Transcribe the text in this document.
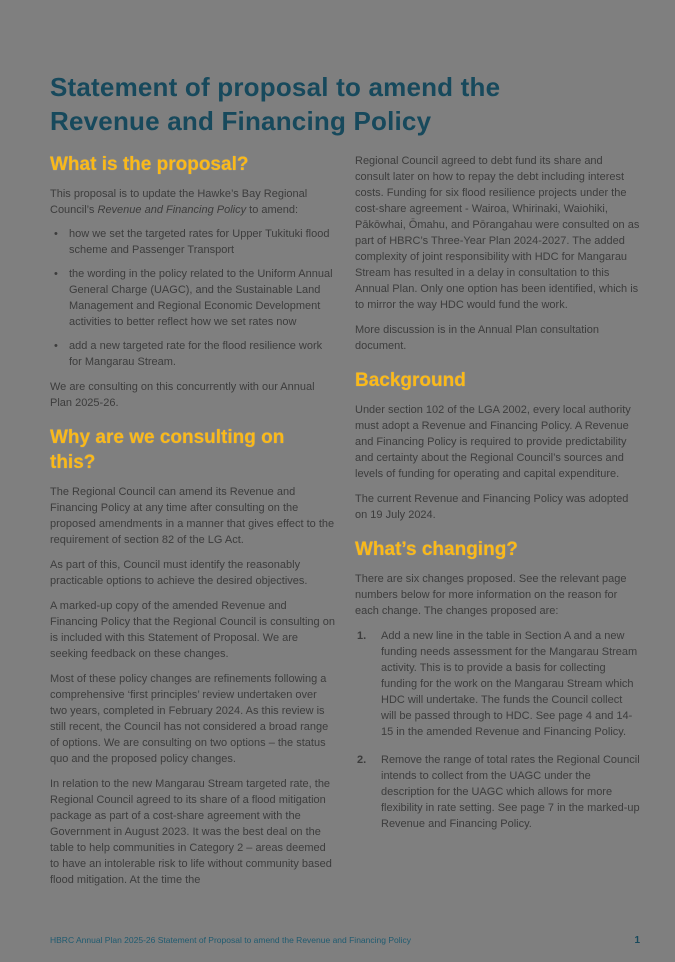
Statement of proposal to amend the
Revenue and Financing Policy
What is the proposal?

This proposal is to update the Hawke’s Bay Regional Council’s Revenue and Financing Policy to amend:

• how we set the targeted rates for Upper Tukituki flood scheme and Passenger Transport
• the wording in the policy related to the Uniform Annual General Charge (UAGC), and the Sustainable Land Management and Regional Economic Development activities to better reflect how we set rates now
• add a new targeted rate for the flood resilience work for Mangarau Stream.

We are consulting on this concurrently with our Annual Plan 2025-26.

Why are we consulting on this?

The Regional Council can amend its Revenue and Financing Policy at any time after consulting on the proposed amendments in a manner that gives effect to the requirement of section 82 of the LG Act.

As part of this, Council must identify the reasonably practicable options to achieve the desired objectives.

A marked-up copy of the amended Revenue and Financing Policy that the Regional Council is consulting on is included with this Statement of Proposal. We are seeking feedback on these changes.

Most of these policy changes are refinements following a comprehensive ‘first principles’ review undertaken over two years, completed in February 2024. As this review is still recent, the Council has not considered a broad range of options. We are consulting on two options – the status quo and the proposed policy changes.

In relation to the new Mangarau Stream targeted rate, the Regional Council agreed to its share of a flood mitigation package as part of a cost-share agreement with the Government in August 2023. It was the best deal on the table to help communities in Category 2 – areas deemed to have an intolerable risk to life without community based flood mitigation. At the time the

Regional Council agreed to debt fund its share and consult later on how to repay the debt including interest costs. Funding for six flood resilience projects under the cost-share agreement - Wairoa, Whirinaki, Waiohiki, Pākōwhai, Ōmahu, and Pōrangahau were consulted on as part of HBRC’s Three-Year Plan 2024-2027. The added complexity of joint responsibility with HDC for Mangarau Stream has resulted in a delay in consultation to this Annual Plan. Only one option has been identified, which is to mirror the way HDC would fund the work.

More discussion is in the Annual Plan consultation document.

Background

Under section 102 of the LGA 2002, every local authority must adopt a Revenue and Financing Policy. A Revenue and Financing Policy is required to provide predictability and certainty about the Regional Council’s sources and levels of funding for operating and capital expenditure.

The current Revenue and Financing Policy was adopted on 19 July 2024.

What’s changing?

There are six changes proposed. See the relevant page numbers below for more information on the reason for each change. The changes proposed are:

1. Add a new line in the table in Section A and a new funding needs assessment for the Mangarau Stream activity. This is to provide a basis for collecting funding for the work on the Mangarau Stream which HDC will undertake. The funds the Council collect will be passed through to HDC. See page 4 and 14-15 in the amended Revenue and Financing Policy.
2. Remove the range of total rates the Regional Council intends to collect from the UAGC under the description for the UAGC which allows for more flexibility in rate setting. See page 7 in the marked-up Revenue and Financing Policy.
HBRC Annual Plan 2025-26 Statement of Proposal to amend the Revenue and Financing Policy	1
